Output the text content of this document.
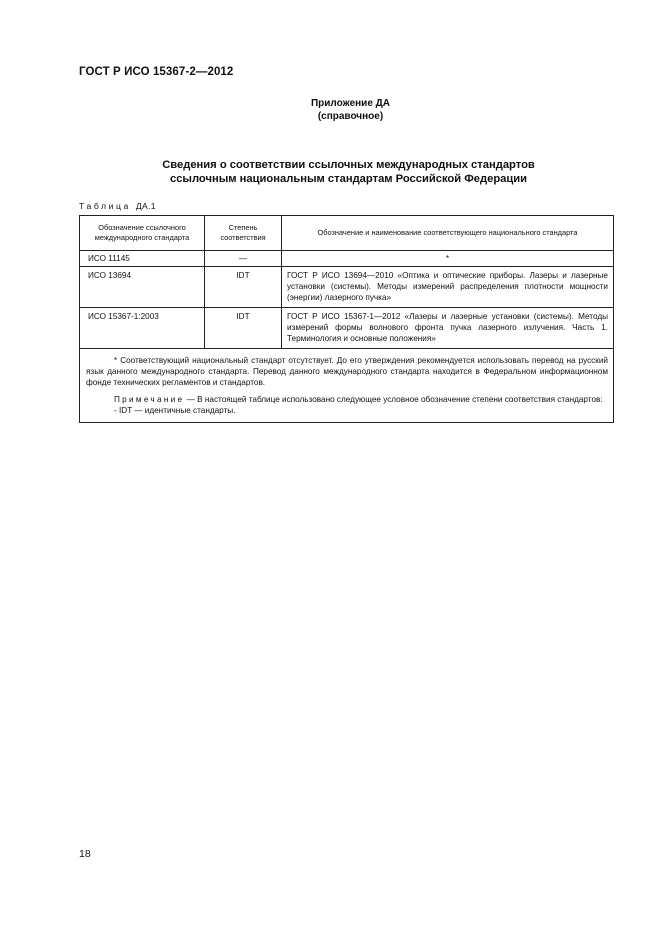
ГОСТ Р ИСО 15367-2—2012
Приложение ДА
(справочное)
Сведения о соответствии ссылочных международных стандартов
ссылочным национальным стандартам Российской Федерации
Таблица ДА.1
Обозначение ссылочного международного стандарта	Степень соответствия	Обозначение и наименование соответствующего национального стандарта
ИСО 11145	—	*
ИСО 13694	IDT	ГОСТ Р ИСО 13694—2010 «Оптика и оптические приборы. Лазеры и лазерные установки (системы). Методы измерений распределения плотности мощности (энергии) лазерного пучка»
ИСО 15367-1:2003	IDT	ГОСТ Р ИСО 15367-1—2012 «Лазеры и лазерные установки (системы). Методы измерений формы волнового фронта пучка лазерного излучения. Часть 1. Терминология и основные положения»

* Соответствующий национальный стандарт отсутствует. До его утверждения рекомендуется использовать перевод на русский язык данного международного стандарта. Перевод данного международного стандарта находится в Федеральном информационном фонде технических регламентов и стандартов.

Примечание — В настоящей таблице использовано следующее условное обозначение степени соответствия стандартов:

- IDT — идентичные стандарты.		

18
